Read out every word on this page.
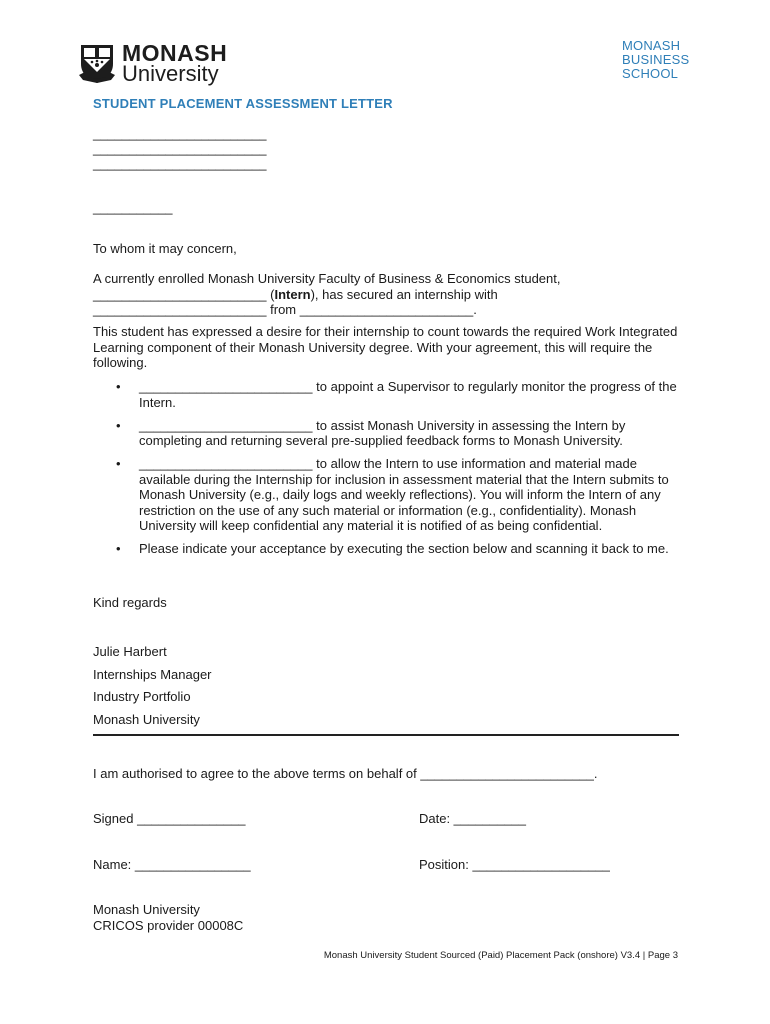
MONASH
University
MONASH
BUSINESS
SCHOOL
STUDENT PLACEMENT ASSESSMENT LETTER
________________________
________________________
________________________
___________
To whom it may concern,
A currently enrolled Monash University Faculty of Business & Economics student,
________________________ (Intern), has secured an internship with
________________________ from ________________________.
This student has expressed a desire for their internship to count towards the required Work Integrated Learning component of their Monash University degree. With your agreement, this will require the following.
• ________________________ to appoint a Supervisor to regularly monitor the progress of the Intern.
• ________________________ to assist Monash University in assessing the Intern by completing and returning several pre-supplied feedback forms to Monash University.
• ________________________ to allow the Intern to use information and material made available during the Internship for inclusion in assessment material that the Intern submits to Monash University (e.g., daily logs and weekly reflections). You will inform the Intern of any restriction on the use of any such material or information (e.g., confidentiality). Monash University will keep confidential any material it is notified of as being confidential.
• Please indicate your acceptance by executing the section below and scanning it back to me.
Kind regards
Julie Harbert
Internships Manager
Industry Portfolio
Monash University
I am authorised to agree to the above terms on behalf of ________________________.
Signed _______________	Date: __________
Name: ________________	Position: ___________________
Monash University
CRICOS provider 00008C
Monash University Student Sourced (Paid) Placement Pack (onshore) V3.4 | Page 3
